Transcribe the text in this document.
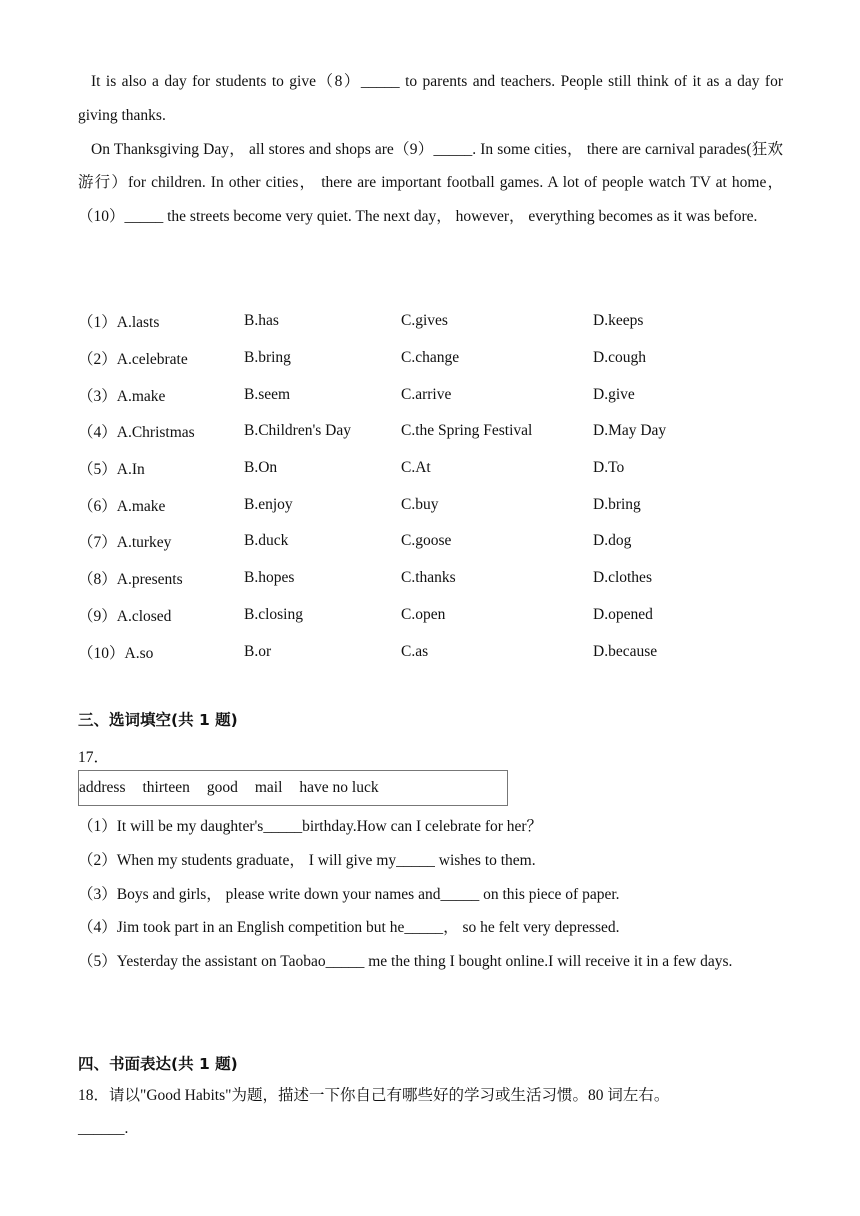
It is also a day for students to give（8）_____ to parents and teachers. People still think of it as a day for giving thanks.

On Thanksgiving Day， all stores and shops are（9）_____. In some cities， there are carnival parades(狂欢游行）for children. In other cities， there are important football games. A lot of people watch TV at home，（10）_____ the streets become very quiet. The next day， however， everything becomes as it was before.

（1）A.lasts	B.has	C.gives	D.keeps
（2）A.celebrate	B.bring	C.change	D.cough
（3）A.make	B.seem	C.arrive	D.give
（4）A.Christmas	B.Children's Day	C.the Spring Festival	D.May Day
（5）A.In	B.On	C.At	D.To
（6）A.make	B.enjoy	C.buy	D.bring
（7）A.turkey	B.duck	C.goose	D.dog
（8）A.presents	B.hopes	C.thanks	D.clothes
（9）A.closed	B.closing	C.open	D.opened
（10）A.so	B.or	C.as	D.because
三、选词填空(共 1 题)
17．
address thirteen good mail have no luck

（1）It will be my daughter's_____birthday.How can I celebrate for her？

（2）When my students graduate， I will give my_____ wishes to them.

（3）Boys and girls， please write down your names and_____ on this piece of paper.

（4）Jim took part in an English competition but he_____， so he felt very depressed.

（5）Yesterday the assistant on Taobao_____ me the thing I bought online.I will receive it in a few days.

四、书面表达(共 1 题)
18．请以"Good Habits"为题，描述一下你自己有哪些好的学习或生活习惯。80 词左右。
______.
